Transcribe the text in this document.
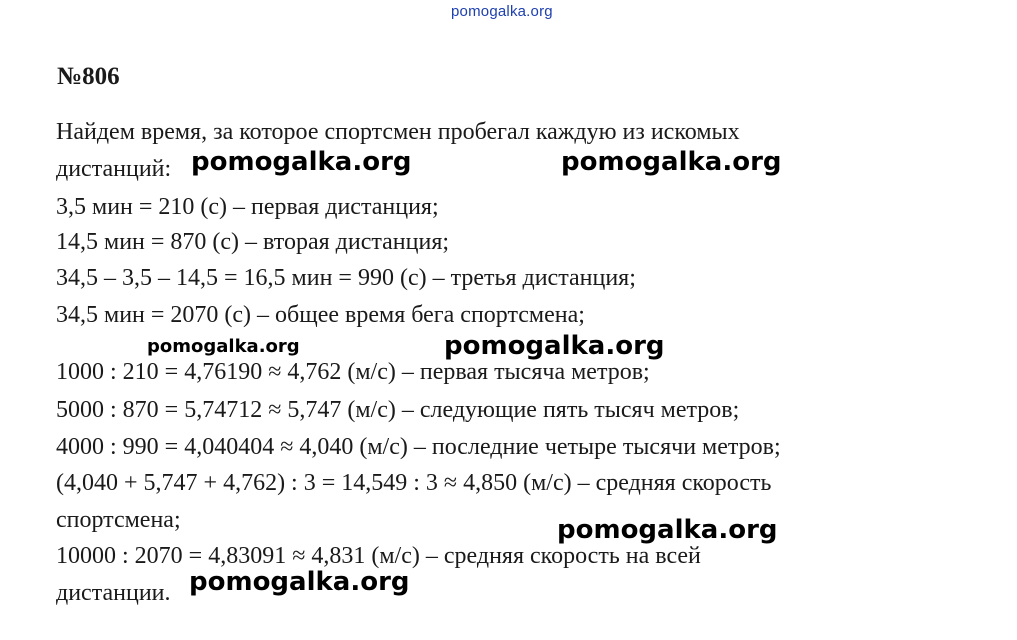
pomogalka.org
№806
Найдем время, за которое спортсмен пробегал каждую из искомых
дистанций:
3,5 мин = 210 (с) – первая дистанция;
14,5 мин = 870 (с) – вторая дистанция;
34,5 – 3,5 – 14,5 = 16,5 мин = 990 (с) – третья дистанция;
34,5 мин = 2070 (с) – общее время бега спортсмена;
1000 : 210 = 4,76190 ≈ 4,762 (м/с) – первая тысяча метров;
5000 : 870 = 5,74712 ≈ 5,747 (м/с) – следующие пять тысяч метров;
4000 : 990 = 4,040404 ≈ 4,040 (м/с) – последние четыре тысячи метров;
(4,040 + 5,747 + 4,762) : 3 = 14,549 : 3 ≈ 4,850 (м/с) – средняя скорость
спортсмена;
10000 : 2070 = 4,83091 ≈ 4,831 (м/с) – средняя скорость на всей
дистанции.
pomogalka.org	pomogalka.org
pomogalka.org	pomogalka.org
pomogalka.org
pomogalka.org
